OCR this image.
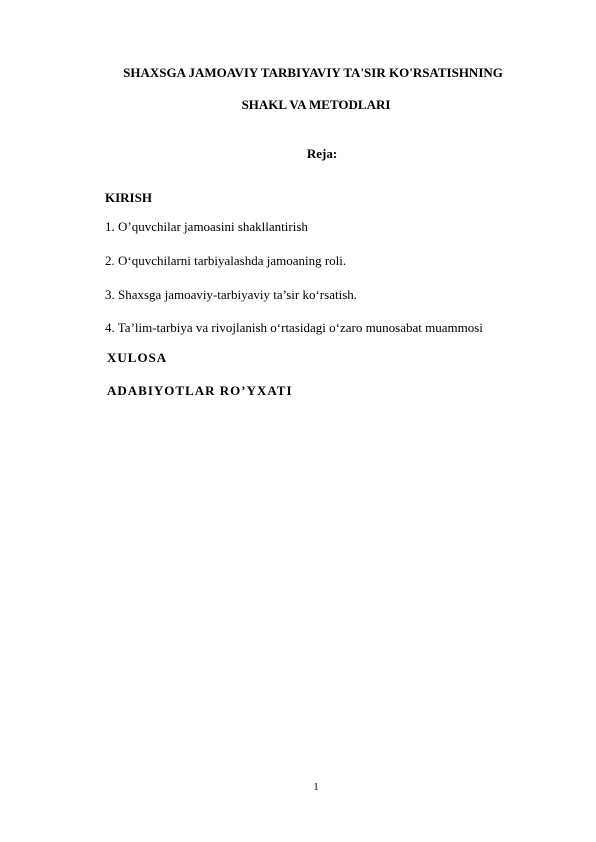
SHAXSGA JAMOAVIY TARBIYAVIY TA'SIR KO'RSATISHNING
SHAKL VA METODLARI
Reja:
KIRISH
1. O’quvchilar jamoasini shakllantirish
2. O‘quvchilarni tarbiyalashda jamoaning roli.
3. Shaxsga jamoaviy-tarbiyaviy ta’sir ko‘rsatish.
4. Ta’lim-tarbiya va rivojlanish o‘rtasidagi o‘zaro munosabat muammosi
XULOSA
ADABIYOTLAR RO’YXATI
1
